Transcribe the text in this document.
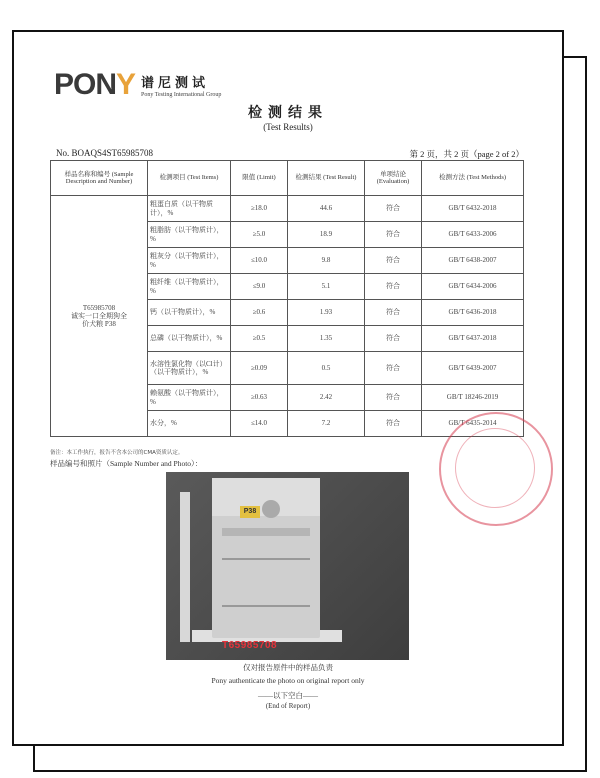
PONY 谱尼测试
Pony Testing International Group
检测结果
(Test Results)
No. BOAQS4ST65985708	第 2 页，共 2 页（page 2 of 2）
样品名称和编号 (Sample Description and Number)	检测项目 (Test Items)	限值 (Limit)	检测结果 (Test Result)	单项结论 (Evaluation)	检测方法 (Test Methods)

T65985708
诚实一口全期狗全
价犬粮 P38	粗蛋白质（以干物质计），%	≥18.0	44.6	符合	GB/T 6432-2018
	粗脂肪（以干物质计），%	≥5.0	18.9	符合	GB/T 6433-2006
	粗灰分（以干物质计），%	≤10.0	9.8	符合	GB/T 6438-2007
	粗纤维（以干物质计），%	≤9.0	5.1	符合	GB/T 6434-2006
	钙（以干物质计），%	≥0.6	1.93	符合	GB/T 6436-2018
	总磷（以干物质计），%	≥0.5	1.35	符合	GB/T 6437-2018
	水溶性氯化物（以Cl计）（以干物质计），%	≥0.09	0.5	符合	GB/T 6439-2007
	赖氨酸（以干物质计），%	≥0.63	2.42	符合	GB/T 18246-2019
	水分，%	≤14.0	7.2	符合	GB/T 6435-2014
备注：本工作执行，报告不含本公司的CMA资质认定。
样品编号和照片（Sample Number and Photo）：
P38
T65985708
仅对报告原件中的样品负责
Pony authenticate the photo on original report only
——以下空白——
(End of Report)
